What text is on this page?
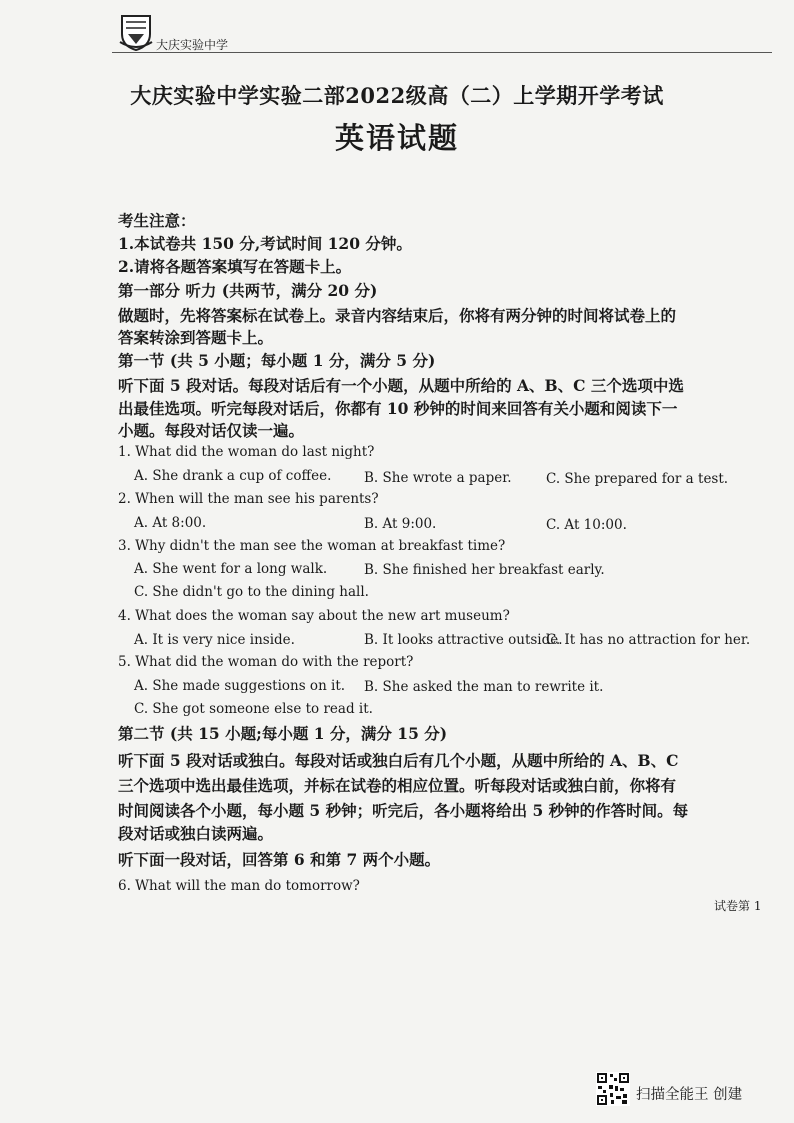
大庆实验中学
大庆实验中学实验二部2022级高（二）上学期开学考试
英语试题
考生注意：
1.本试卷共 150 分,考试时间 120 分钟。
2.请将各题答案填写在答题卡上。
第一部分 听力 (共两节，满分 20 分)
做题时，先将答案标在试卷上。录音内容结束后，你将有两分钟的时间将试卷上的
答案转涂到答题卡上。
第一节 (共 5 小题；每小题 1 分，满分 5 分)
听下面 5 段对话。每段对话后有一个小题，从题中所给的 A、B、C 三个选项中选
出最佳选项。听完每段对话后，你都有 10 秒钟的时间来回答有关小题和阅读下一
小题。每段对话仅读一遍。
1. What did the woman do last night?
A. She drank a cup of coffee. B. She wrote a paper.	C. She prepared for a test.
2. When will the man see his parents?
A. At 8:00.	B. At 9:00.	C. At 10:00.
3. Why didn't the man see the woman at breakfast time?
A. She went for a long walk.	B. She finished her breakfast early.
C. She didn't go to the dining hall.
4. What does the woman say about the new art museum?
A. It is very nice inside.	B. It looks attractive outside.
C. It has no attraction for her.
5. What did the woman do with the report?
A. She made suggestions on it. B. She asked the man to rewrite it.
C. She got someone else to read it.
第二节 (共 15 小题;每小题 1 分，满分 15 分)
听下面 5 段对话或独白。每段对话或独白后有几个小题，从题中所给的 A、B、C
三个选项中选出最佳选项，并标在试卷的相应位置。听每段对话或独白前，你将有
时间阅读各个小题，每小题 5 秒钟；听完后，各小题将给出 5 秒钟的作答时间。每
段对话或独白读两遍。
听下面一段对话，回答第 6 和第 7 两个小题。
6. What will the man do tomorrow?
试卷第 1
扫描全能王 创建
